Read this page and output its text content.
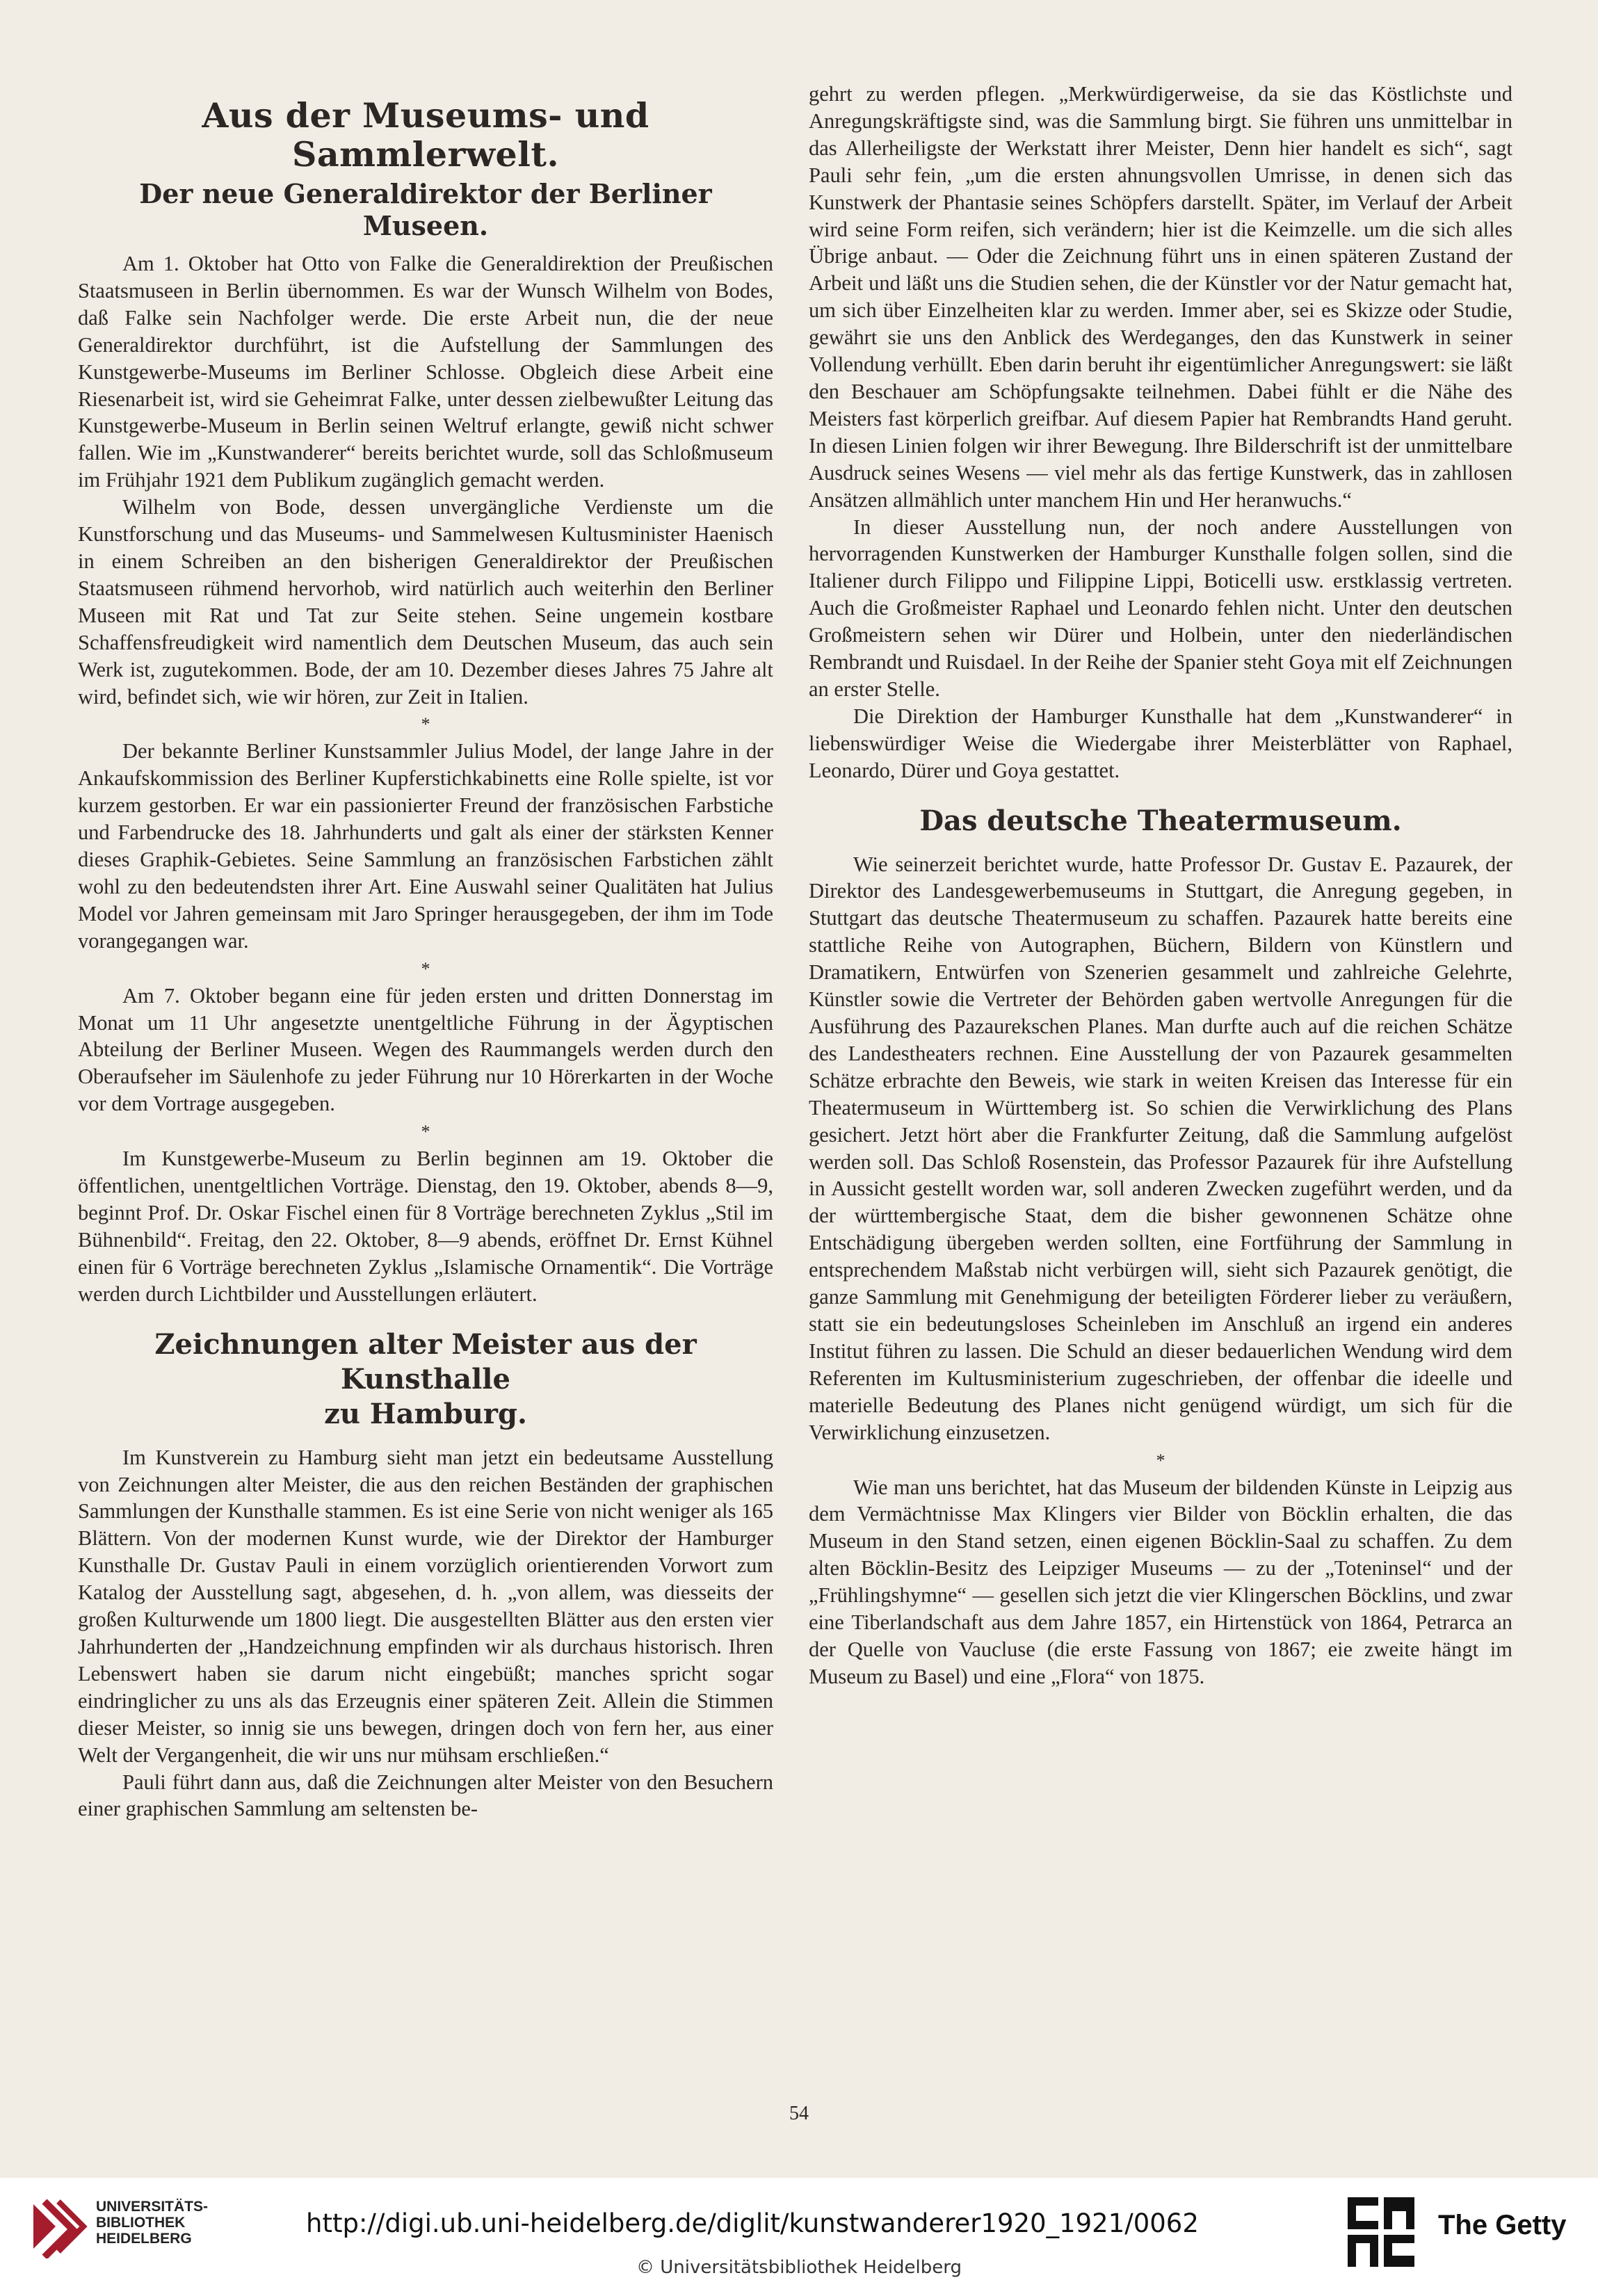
Aus der Museums- und Sammlerwelt.
Der neue Generaldirektor der Berliner Museen.

Am 1. Oktober hat Otto von Falke die Generaldirektion der Preußischen Staatsmuseen in Berlin übernommen. Es war der Wunsch Wilhelm von Bodes, daß Falke sein Nachfolger werde. Die erste Arbeit nun, die der neue Generaldirektor durchführt, ist die Aufstellung der Sammlungen des Kunstgewerbe-Museums im Berliner Schlosse. Obgleich diese Arbeit eine Riesenarbeit ist, wird sie Geheimrat Falke, unter dessen zielbewußter Leitung das Kunstgewerbe-Museum in Berlin seinen Weltruf erlangte, gewiß nicht schwer fallen. Wie im „Kunstwanderer“ bereits berichtet wurde, soll das Schloßmuseum im Frühjahr 1921 dem Publikum zugänglich gemacht werden.

Wilhelm von Bode, dessen unvergängliche Verdienste um die Kunstforschung und das Museums- und Sammelwesen Kultusminister Haenisch in einem Schreiben an den bisherigen Generaldirektor der Preußischen Staatsmuseen rühmend hervorhob, wird natürlich auch weiterhin den Berliner Museen mit Rat und Tat zur Seite stehen. Seine ungemein kostbare Schaffensfreudigkeit wird namentlich dem Deutschen Museum, das auch sein Werk ist, zugutekommen. Bode, der am 10. Dezember dieses Jahres 75 Jahre alt wird, befindet sich, wie wir hören, zur Zeit in Italien.

*

Der bekannte Berliner Kunstsammler Julius Model, der lange Jahre in der Ankaufskommission des Berliner Kupferstichkabinetts eine Rolle spielte, ist vor kurzem gestorben. Er war ein passionierter Freund der französischen Farbstiche und Farbendrucke des 18. Jahrhunderts und galt als einer der stärksten Kenner dieses Graphik-Gebietes. Seine Sammlung an französischen Farbstichen zählt wohl zu den bedeutendsten ihrer Art. Eine Auswahl seiner Qualitäten hat Julius Model vor Jahren gemeinsam mit Jaro Springer herausgegeben, der ihm im Tode vorangegangen war.

*

Am 7. Oktober begann eine für jeden ersten und dritten Donnerstag im Monat um 11 Uhr angesetzte unentgeltliche Führung in der Ägyptischen Abteilung der Berliner Museen. Wegen des Raummangels werden durch den Oberaufseher im Säulenhofe zu jeder Führung nur 10 Hörerkarten in der Woche vor dem Vortrage ausgegeben.

*

Im Kunstgewerbe-Museum zu Berlin beginnen am 19. Oktober die öffentlichen, unentgeltlichen Vorträge. Dienstag, den 19. Oktober, abends 8—9, beginnt Prof. Dr. Oskar Fischel einen für 8 Vorträge berechneten Zyklus „Stil im Bühnenbild“. Freitag, den 22. Oktober, 8—9 abends, eröffnet Dr. Ernst Kühnel einen für 6 Vorträge berechneten Zyklus „Islamische Ornamentik“. Die Vorträge werden durch Lichtbilder und Ausstellungen erläutert.

Zeichnungen alter Meister aus der Kunsthalle
zu Hamburg.

Im Kunstverein zu Hamburg sieht man jetzt ein bedeutsame Ausstellung von Zeichnungen alter Meister, die aus den reichen Beständen der graphischen Sammlungen der Kunsthalle stammen. Es ist eine Serie von nicht weniger als 165 Blättern. Von der modernen Kunst wurde, wie der Direktor der Hamburger Kunsthalle Dr. Gustav Pauli in einem vorzüglich orientierenden Vorwort zum Katalog der Ausstellung sagt, abgesehen, d. h. „von allem, was diesseits der großen Kulturwende um 1800 liegt. Die ausgestellten Blätter aus den ersten vier Jahrhunderten der „Handzeichnung empfinden wir als durchaus historisch. Ihren Lebenswert haben sie darum nicht eingebüßt; manches spricht sogar eindringlicher zu uns als das Erzeugnis einer späteren Zeit. Allein die Stimmen dieser Meister, so innig sie uns bewegen, dringen doch von fern her, aus einer Welt der Vergangenheit, die wir uns nur mühsam erschließen.“

Pauli führt dann aus, daß die Zeichnungen alter Meister von den Besuchern einer graphischen Sammlung am seltensten be-

gehrt zu werden pflegen. „Merkwürdigerweise, da sie das Köstlichste und Anregungskräftigste sind, was die Sammlung birgt. Sie führen uns unmittelbar in das Allerheiligste der Werkstatt ihrer Meister, Denn hier handelt es sich“, sagt Pauli sehr fein, „um die ersten ahnungsvollen Umrisse, in denen sich das Kunstwerk der Phantasie seines Schöpfers darstellt. Später, im Verlauf der Arbeit wird seine Form reifen, sich verändern; hier ist die Keimzelle. um die sich alles Übrige anbaut. — Oder die Zeichnung führt uns in einen späteren Zustand der Arbeit und läßt uns die Studien sehen, die der Künstler vor der Natur gemacht hat, um sich über Einzelheiten klar zu werden. Immer aber, sei es Skizze oder Studie, gewährt sie uns den Anblick des Werdeganges, den das Kunstwerk in seiner Vollendung verhüllt. Eben darin beruht ihr eigentümlicher Anregungswert: sie läßt den Beschauer am Schöpfungsakte teilnehmen. Dabei fühlt er die Nähe des Meisters fast körperlich greifbar. Auf diesem Papier hat Rembrandts Hand geruht. In diesen Linien folgen wir ihrer Bewegung. Ihre Bilderschrift ist der unmittelbare Ausdruck seines Wesens — viel mehr als das fertige Kunstwerk, das in zahllosen Ansätzen allmählich unter manchem Hin und Her heranwuchs.“

In dieser Ausstellung nun, der noch andere Ausstellungen von hervorragenden Kunstwerken der Hamburger Kunsthalle folgen sollen, sind die Italiener durch Filippo und Filippine Lippi, Boticelli usw. erstklassig vertreten. Auch die Großmeister Raphael und Leonardo fehlen nicht. Unter den deutschen Großmeistern sehen wir Dürer und Holbein, unter den niederländischen Rembrandt und Ruisdael. In der Reihe der Spanier steht Goya mit elf Zeichnungen an erster Stelle.

Die Direktion der Hamburger Kunsthalle hat dem „Kunstwanderer“ in liebenswürdiger Weise die Wiedergabe ihrer Meisterblätter von Raphael, Leonardo, Dürer und Goya gestattet.

Das deutsche Theatermuseum.

Wie seinerzeit berichtet wurde, hatte Professor Dr. Gustav E. Pazaurek, der Direktor des Landesgewerbemuseums in Stuttgart, die Anregung gegeben, in Stuttgart das deutsche Theatermuseum zu schaffen. Pazaurek hatte bereits eine stattliche Reihe von Autographen, Büchern, Bildern von Künstlern und Dramatikern, Entwürfen von Szenerien gesammelt und zahlreiche Gelehrte, Künstler sowie die Vertreter der Behörden gaben wertvolle Anregungen für die Ausführung des Pazaurekschen Planes. Man durfte auch auf die reichen Schätze des Landestheaters rechnen. Eine Ausstellung der von Pazaurek gesammelten Schätze erbrachte den Beweis, wie stark in weiten Kreisen das Interesse für ein Theatermuseum in Württemberg ist. So schien die Verwirklichung des Plans gesichert. Jetzt hört aber die Frankfurter Zeitung, daß die Sammlung aufgelöst werden soll. Das Schloß Rosenstein, das Professor Pazaurek für ihre Aufstellung in Aussicht gestellt worden war, soll anderen Zwecken zugeführt werden, und da der württembergische Staat, dem die bisher gewonnenen Schätze ohne Entschädigung übergeben werden sollten, eine Fortführung der Sammlung in entsprechendem Maßstab nicht verbürgen will, sieht sich Pazaurek genötigt, die ganze Sammlung mit Genehmigung der beteiligten Förderer lieber zu veräußern, statt sie ein bedeutungsloses Scheinleben im Anschluß an irgend ein anderes Institut führen zu lassen. Die Schuld an dieser bedauerlichen Wendung wird dem Referenten im Kultusministerium zugeschrieben, der offenbar die ideelle und materielle Bedeutung des Planes nicht genügend würdigt, um sich für die Verwirklichung einzusetzen.

*

Wie man uns berichtet, hat das Museum der bildenden Künste in Leipzig aus dem Vermächtnisse Max Klingers vier Bilder von Böcklin erhalten, die das Museum in den Stand setzen, einen eigenen Böcklin-Saal zu schaffen. Zu dem alten Böcklin-Besitz des Leipziger Museums — zu der „Toteninsel“ und der „Frühlingshymne“ — gesellen sich jetzt die vier Klingerschen Böcklins, und zwar eine Tiberlandschaft aus dem Jahre 1857, ein Hirtenstück von 1864, Petrarca an der Quelle von Vaucluse (die erste Fassung von 1867; eie zweite hängt im Museum zu Basel) und eine „Flora“ von 1875.

54
UNIVERSITÄTS-
BIBLIOTHEK
HEIDELBERG
http://digi.ub.uni-heidelberg.de/diglit/kunstwanderer1920_1921/0062
© Universitätsbibliothek Heidelberg
The Getty
